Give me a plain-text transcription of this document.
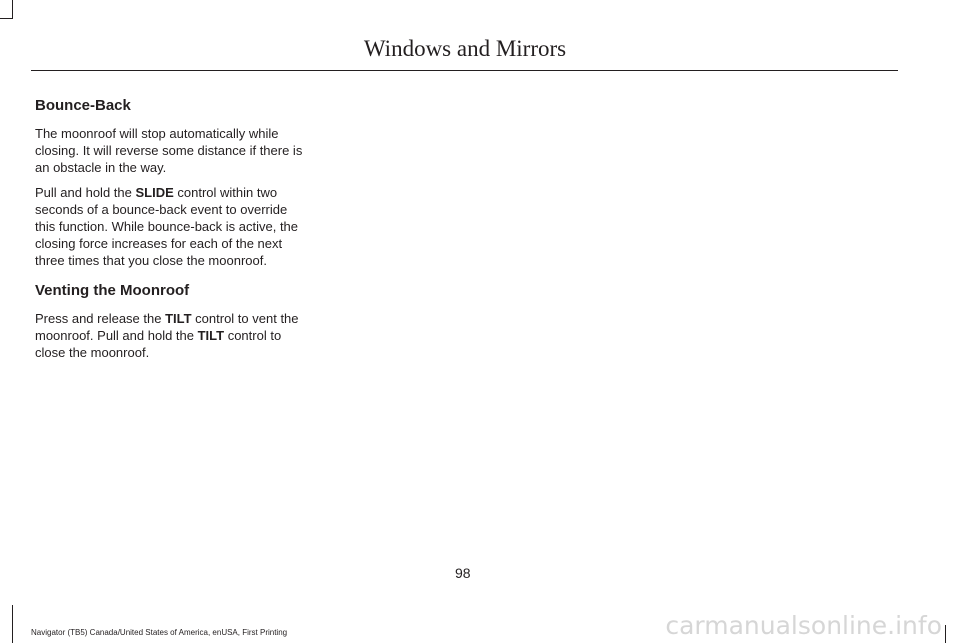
Windows and Mirrors
Bounce-Back

The moonroof will stop automatically while closing. It will reverse some distance if there is an obstacle in the way.

Pull and hold the SLIDE control within two seconds of a bounce-back event to override this function. While bounce-back is active, the closing force increases for each of the next three times that you close the moonroof.

Venting the Moonroof

Press and release the TILT control to vent the moonroof. Pull and hold the TILT control to close the moonroof.

98
Navigator (TB5) Canada/United States of America, enUSA, First Printing	carmanualsonline.info
